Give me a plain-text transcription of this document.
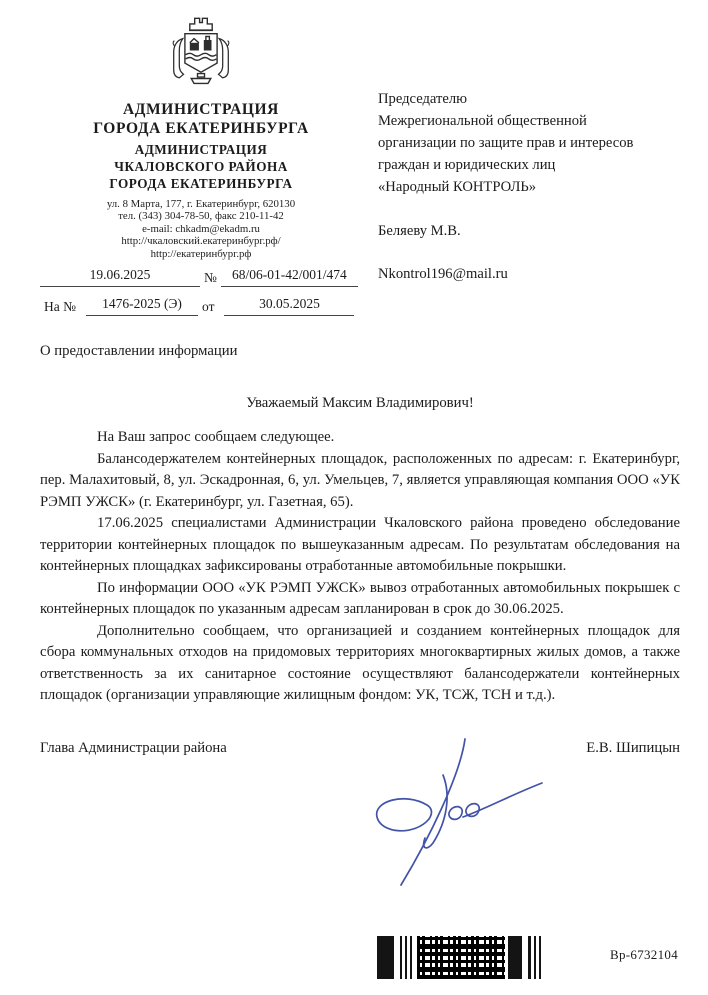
АДМИНИСТРАЦИЯ
ГОРОДА ЕКАТЕРИНБУРГА
АДМИНИСТРАЦИЯ
ЧКАЛОВСКОГО РАЙОНА
ГОРОДА ЕКАТЕРИНБУРГА
ул. 8 Марта, 177, г. Екатеринбург, 620130
тел. (343) 304-78-50, факс 210-11-42
e-mail: chkadm@ekadm.ru
http://чкаловский.екатеринбург.рф/
http://екатеринбург.рф
19.06.2025	№	68/06-01-42/001/474
На №	1476-2025 (Э)	от	30.05.2025
Председателю
Межрегиональной общественной
организации по защите прав и интересов
граждан и юридических лиц
«Народный КОНТРОЛЬ»
Беляеву М.В.
Nkontrol196@mail.ru
О предоставлении информации
Уважаемый Максим Владимирович!

На Ваш запрос сообщаем следующее.

Балансодержателем контейнерных площадок, расположенных по адресам: г. Екатеринбург, пер. Малахитовый, 8, ул. Эскадронная, 6, ул. Умельцев, 7, является управляющая компания ООО «УК РЭМП УЖСК» (г. Екатеринбург, ул. Газетная, 65).

17.06.2025 специалистами Администрации Чкаловского района проведено обследование территории контейнерных площадок по вышеуказанным адресам. По результатам обследования на контейнерных площадках зафиксированы отработанные автомобильные покрышки.

По информации ООО «УК РЭМП УЖСК» вывоз отработанных автомобильных покрышек с контейнерных площадок по указанным адресам запланирован в срок до 30.06.2025.

Дополнительно сообщаем, что организацией и созданием контейнерных площадок для сбора коммунальных отходов на придомовых территориях многоквартирных жилых домов, а также ответственность за их санитарное состояние осуществляют балансодержатели контейнерных площадок (организации управляющие жилищным фондом: УК, ТСЖ, ТСН и т.д.).

Глава Администрации района	Е.В. Шипицын
Вр-6732104
